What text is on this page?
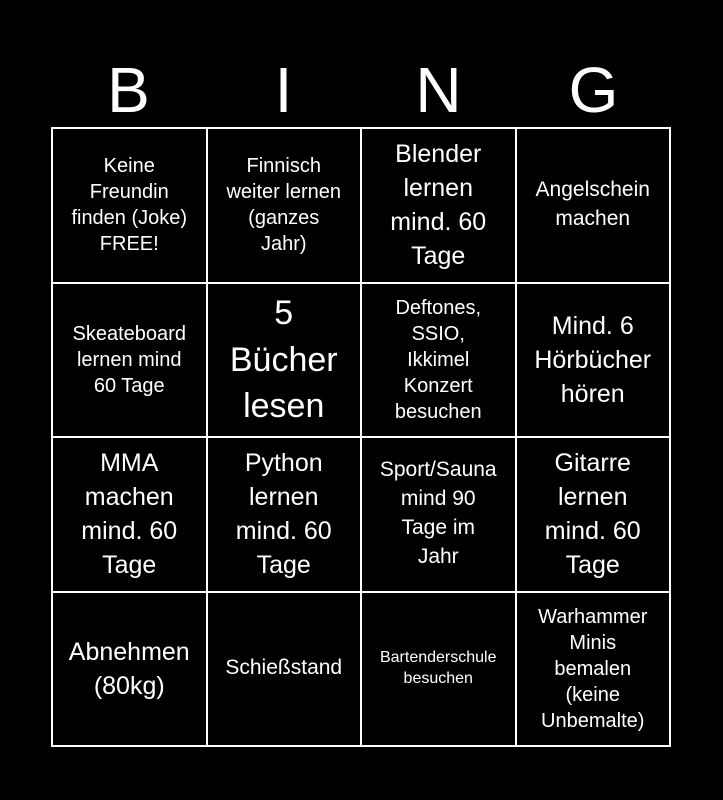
B	I	N	G
Keine
Freundin
finden (Joke)
FREE!
Finnisch
weiter lernen
(ganzes
Jahr)
Blender
lernen
mind. 60
Tage
Angelschein
machen
Skeateboard
lernen mind
60 Tage
5
Bücher
lesen
Deftones,
SSIO,
Ikkimel
Konzert
besuchen
Mind. 6
Hörbücher
hören
MMA
machen
mind. 60
Tage
Python
lernen
mind. 60
Tage
Sport/Sauna
mind 90
Tage im
Jahr
Gitarre
lernen
mind. 60
Tage
Abnehmen
(80kg)
Schießstand	Bartenderschule
besuchen
Warhammer
Minis
bemalen
(keine
Unbemalte)
